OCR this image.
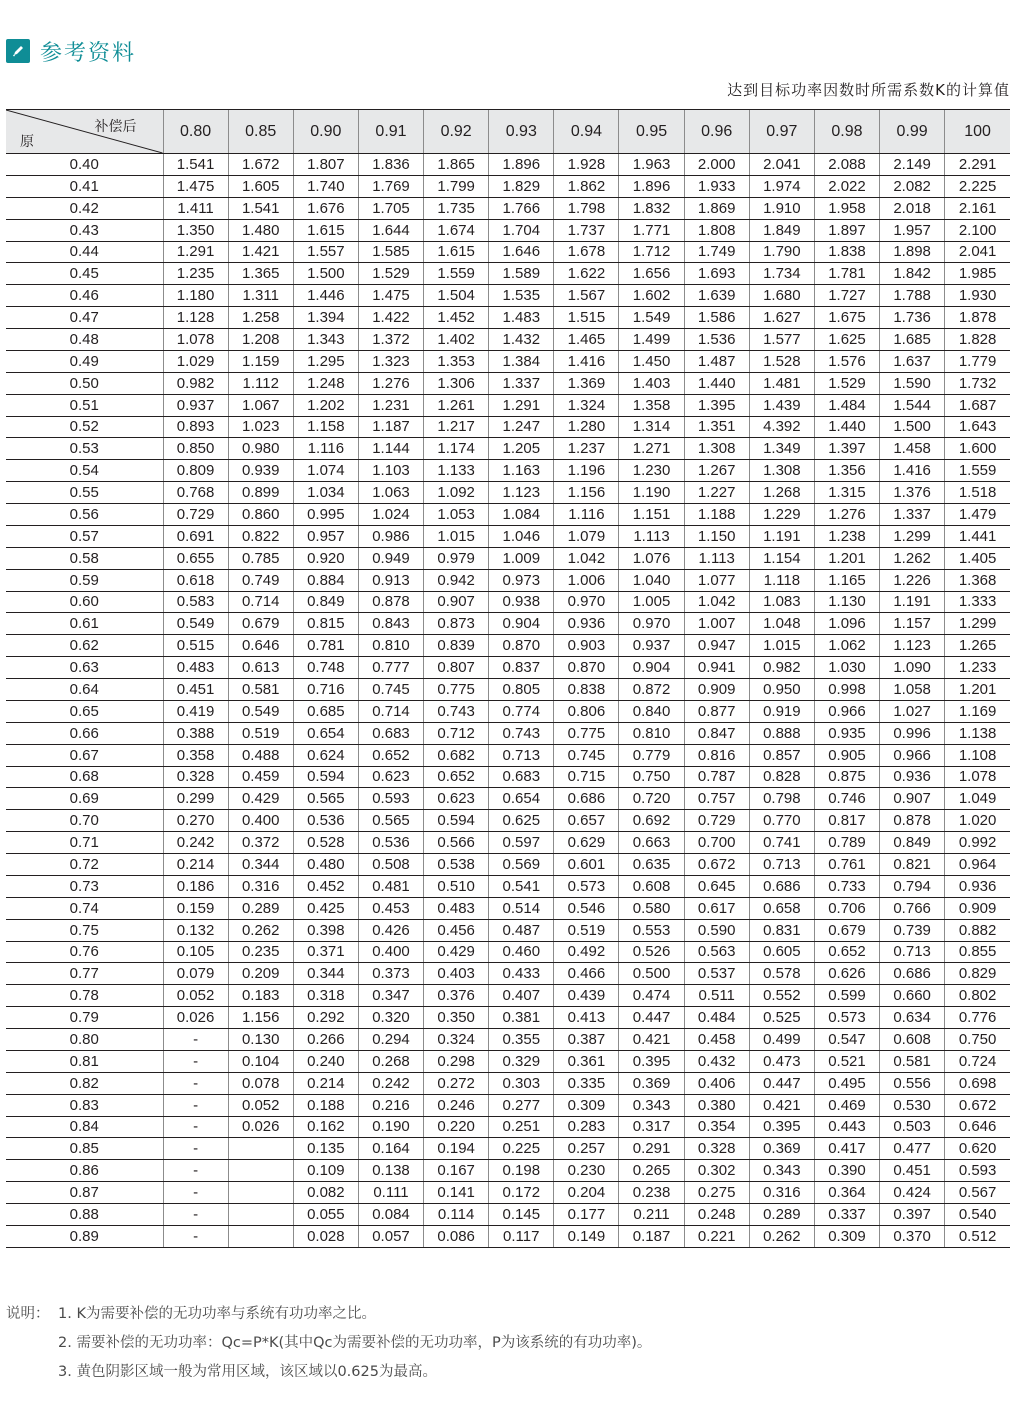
参考资料
达到目标功率因数时所需系数K的计算值
补偿后
原	0.80	0.85	0.90	0.91	0.92	0.93	0.94	0.95	0.96	0.97	0.98	0.99	100
0.40	1.541	1.672	1.807	1.836	1.865	1.896	1.928	1.963	2.000	2.041	2.088	2.149	2.291
0.41	1.475	1.605	1.740	1.769	1.799	1.829	1.862	1.896	1.933	1.974	2.022	2.082	2.225
0.42	1.411	1.541	1.676	1.705	1.735	1.766	1.798	1.832	1.869	1.910	1.958	2.018	2.161
0.43	1.350	1.480	1.615	1.644	1.674	1.704	1.737	1.771	1.808	1.849	1.897	1.957	2.100
0.44	1.291	1.421	1.557	1.585	1.615	1.646	1.678	1.712	1.749	1.790	1.838	1.898	2.041
0.45	1.235	1.365	1.500	1.529	1.559	1.589	1.622	1.656	1.693	1.734	1.781	1.842	1.985
0.46	1.180	1.311	1.446	1.475	1.504	1.535	1.567	1.602	1.639	1.680	1.727	1.788	1.930
0.47	1.128	1.258	1.394	1.422	1.452	1.483	1.515	1.549	1.586	1.627	1.675	1.736	1.878
0.48	1.078	1.208	1.343	1.372	1.402	1.432	1.465	1.499	1.536	1.577	1.625	1.685	1.828
0.49	1.029	1.159	1.295	1.323	1.353	1.384	1.416	1.450	1.487	1.528	1.576	1.637	1.779
0.50	0.982	1.112	1.248	1.276	1.306	1.337	1.369	1.403	1.440	1.481	1.529	1.590	1.732
0.51	0.937	1.067	1.202	1.231	1.261	1.291	1.324	1.358	1.395	1.439	1.484	1.544	1.687
0.52	0.893	1.023	1.158	1.187	1.217	1.247	1.280	1.314	1.351	4.392	1.440	1.500	1.643
0.53	0.850	0.980	1.116	1.144	1.174	1.205	1.237	1.271	1.308	1.349	1.397	1.458	1.600
0.54	0.809	0.939	1.074	1.103	1.133	1.163	1.196	1.230	1.267	1.308	1.356	1.416	1.559
0.55	0.768	0.899	1.034	1.063	1.092	1.123	1.156	1.190	1.227	1.268	1.315	1.376	1.518
0.56	0.729	0.860	0.995	1.024	1.053	1.084	1.116	1.151	1.188	1.229	1.276	1.337	1.479
0.57	0.691	0.822	0.957	0.986	1.015	1.046	1.079	1.113	1.150	1.191	1.238	1.299	1.441
0.58	0.655	0.785	0.920	0.949	0.979	1.009	1.042	1.076	1.113	1.154	1.201	1.262	1.405
0.59	0.618	0.749	0.884	0.913	0.942	0.973	1.006	1.040	1.077	1.118	1.165	1.226	1.368
0.60	0.583	0.714	0.849	0.878	0.907	0.938	0.970	1.005	1.042	1.083	1.130	1.191	1.333
0.61	0.549	0.679	0.815	0.843	0.873	0.904	0.936	0.970	1.007	1.048	1.096	1.157	1.299
0.62	0.515	0.646	0.781	0.810	0.839	0.870	0.903	0.937	0.947	1.015	1.062	1.123	1.265
0.63	0.483	0.613	0.748	0.777	0.807	0.837	0.870	0.904	0.941	0.982	1.030	1.090	1.233
0.64	0.451	0.581	0.716	0.745	0.775	0.805	0.838	0.872	0.909	0.950	0.998	1.058	1.201
0.65	0.419	0.549	0.685	0.714	0.743	0.774	0.806	0.840	0.877	0.919	0.966	1.027	1.169
0.66	0.388	0.519	0.654	0.683	0.712	0.743	0.775	0.810	0.847	0.888	0.935	0.996	1.138
0.67	0.358	0.488	0.624	0.652	0.682	0.713	0.745	0.779	0.816	0.857	0.905	0.966	1.108
0.68	0.328	0.459	0.594	0.623	0.652	0.683	0.715	0.750	0.787	0.828	0.875	0.936	1.078
0.69	0.299	0.429	0.565	0.593	0.623	0.654	0.686	0.720	0.757	0.798	0.746	0.907	1.049
0.70	0.270	0.400	0.536	0.565	0.594	0.625	0.657	0.692	0.729	0.770	0.817	0.878	1.020
0.71	0.242	0.372	0.528	0.536	0.566	0.597	0.629	0.663	0.700	0.741	0.789	0.849	0.992
0.72	0.214	0.344	0.480	0.508	0.538	0.569	0.601	0.635	0.672	0.713	0.761	0.821	0.964
0.73	0.186	0.316	0.452	0.481	0.510	0.541	0.573	0.608	0.645	0.686	0.733	0.794	0.936
0.74	0.159	0.289	0.425	0.453	0.483	0.514	0.546	0.580	0.617	0.658	0.706	0.766	0.909
0.75	0.132	0.262	0.398	0.426	0.456	0.487	0.519	0.553	0.590	0.831	0.679	0.739	0.882
0.76	0.105	0.235	0.371	0.400	0.429	0.460	0.492	0.526	0.563	0.605	0.652	0.713	0.855
0.77	0.079	0.209	0.344	0.373	0.403	0.433	0.466	0.500	0.537	0.578	0.626	0.686	0.829
0.78	0.052	0.183	0.318	0.347	0.376	0.407	0.439	0.474	0.511	0.552	0.599	0.660	0.802
0.79	0.026	1.156	0.292	0.320	0.350	0.381	0.413	0.447	0.484	0.525	0.573	0.634	0.776
0.80	-	0.130	0.266	0.294	0.324	0.355	0.387	0.421	0.458	0.499	0.547	0.608	0.750
0.81	-	0.104	0.240	0.268	0.298	0.329	0.361	0.395	0.432	0.473	0.521	0.581	0.724
0.82	-	0.078	0.214	0.242	0.272	0.303	0.335	0.369	0.406	0.447	0.495	0.556	0.698
0.83	-	0.052	0.188	0.216	0.246	0.277	0.309	0.343	0.380	0.421	0.469	0.530	0.672
0.84	-	0.026	0.162	0.190	0.220	0.251	0.283	0.317	0.354	0.395	0.443	0.503	0.646
0.85	-		0.135	0.164	0.194	0.225	0.257	0.291	0.328	0.369	0.417	0.477	0.620
0.86	-		0.109	0.138	0.167	0.198	0.230	0.265	0.302	0.343	0.390	0.451	0.593
0.87	-		0.082	0.111	0.141	0.172	0.204	0.238	0.275	0.316	0.364	0.424	0.567
0.88	-		0.055	0.084	0.114	0.145	0.177	0.211	0.248	0.289	0.337	0.397	0.540
0.89	-		0.028	0.057	0.086	0.117	0.149	0.187	0.221	0.262	0.309	0.370	0.512
说明： 1. K为需要补偿的无功功率与系统有功功率之比。
2. 需要补偿的无功功率：Qc=P*K(其中Qc为需要补偿的无功功率，P为该系统的有功功率)。
3. 黄色阴影区域一般为常用区域，该区域以0.625为最高。
